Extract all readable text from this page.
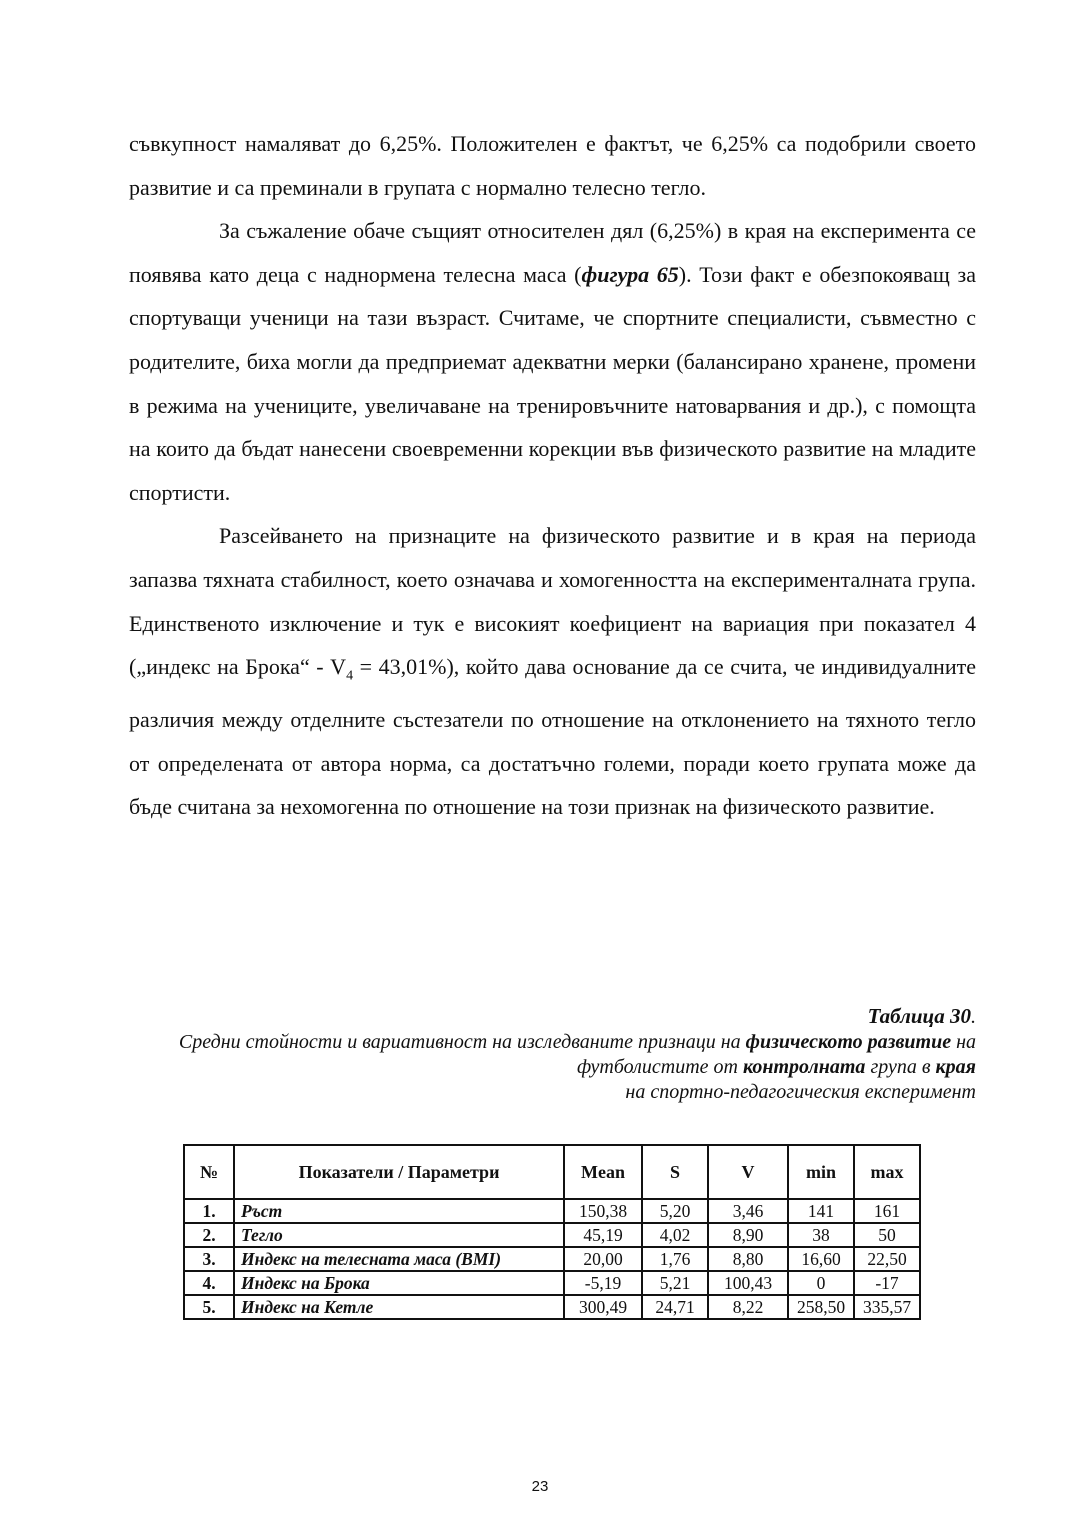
съвкупност намаляват до 6,25%. Положителен е фактът, че 6,25% са подобрили своето развитие и са преминали в групата с нормално телесно тегло.

За съжаление обаче същият относителен дял (6,25%) в края на експеримента се появява като деца с наднормена телесна маса (фигура 65). Този факт е обезпокояващ за спортуващи ученици на тази възраст. Считаме, че спортните специалисти, съвместно с родителите, биха могли да предприемат адекватни мерки (балансирано хранене, промени в режима на учениците, увеличаване на тренировъчните натоварвания и др.), с помощта на които да бъдат нанесени своевременни корекции във физическото развитие на младите спортисти.

Разсейването на признаците на физическото развитие и в края на периода запазва тяхната стабилност, което означава и хомогенността на експерименталната група. Единственото изключение и тук е високият коефициент на вариация при показател 4 („индекс на Брока“ - $V_4 = 43,01\%$), който дава основание да се счита, че индивидуалните различия между отделните състезатели по отношение на отклонението на тяхното тегло от определената от автора норма, са достатъчно големи, поради което групата може да бъде считана за нехомогенна по отношение на този признак на физическото развитие.

Таблица 30.
Средни стойности и вариативност на изследваните признаци на физическото развитие на футболистите от контролната група в края
на спортно-педагогическия експеримент
№	Показатели / Параметри	Mean	S	V	min	max
1.	Ръст	150,38	5,20	3,46	141	161
2.	Тегло	45,19	4,02	8,90	38	50
3.	Индекс на телесната маса (BMI)	20,00	1,76	8,80	16,60	22,50
4.	Индекс на Брока	-5,19	5,21	100,43	0	-17
5.	Индекс на Кетле	300,49	24,71	8,22	258,50	335,57
23
